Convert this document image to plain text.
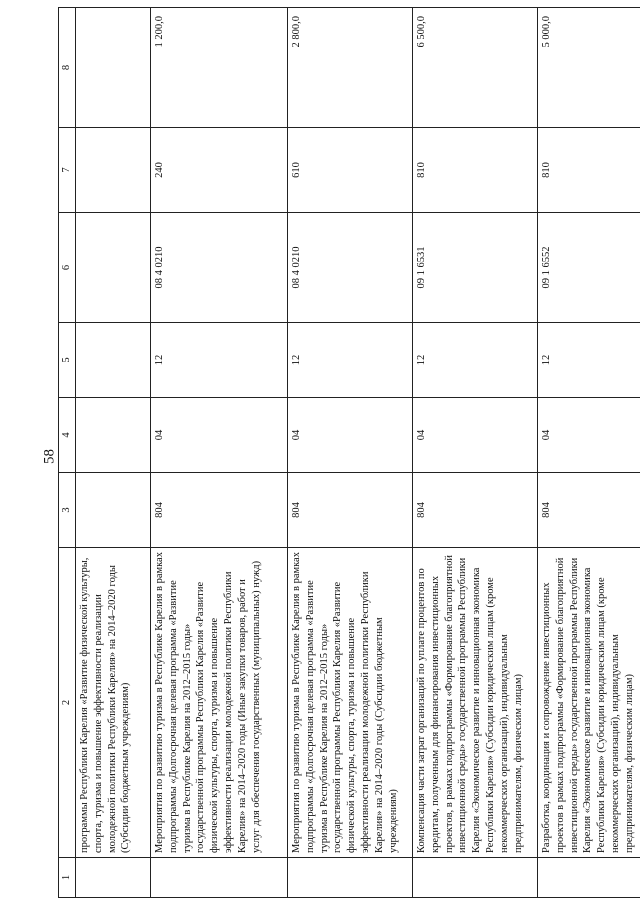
58
1	2	3	4	5	6	7	8
	программы Республики Карелия «Развитие физической культуры, спорта, туризма и повышение эффективности реализации молодежной политики Республики Карелия» на 2014–2020 годы (Субсидии бюджетным учреждениям)						
	Мероприятия по развитию туризма в Республике Карелия в рамках подпрограммы «Долгосрочная целевая программа «Развитие туризма в Республике Карелия на 2012–2015 годы» государственной программы Республики Карелия «Развитие физической культуры, спорта, туризма и повышение эффективности реализации молодежной политики Республики Карелия» на 2014–2020 годы (Иные закупки товаров, работ и услуг для обеспечения государственных (муниципальных) нужд)	804	04	12	08 4 0210	240	1 200,0
	Мероприятия по развитию туризма в Республике Карелия в рамках подпрограммы «Долгосрочная целевая программа «Развитие туризма в Республике Карелия на 2012–2015 годы» государственной программы Республики Карелия «Развитие физической культуры, спорта, туризма и повышение эффективности реализации молодежной политики Республики Карелия» на 2014–2020 годы (Субсидии бюджетным учреждениям)	804	04	12	08 4 0210	610	2 800,0
	Компенсация части затрат организаций по уплате процентов по кредитам, полученным для финансирования инвестиционных проектов, в рамках подпрограммы «Формирование благоприятной инвестиционной среды» государственной программы Республики Карелия «Экономическое развитие и инновационная экономика Республики Карелия» (Субсидии юридическим лицам (кроме некоммерческих организаций), индивидуальным предпринимателям, физическим лицам)	804	04	12	09 1 6531	810	6 500,0
	Разработка, координация и сопровождение инвестиционных проектов в рамках подпрограммы «Формирование благоприятной инвестиционной среды» государственной программы Республики Карелия «Экономическое развитие и инновационная экономика Республики Карелия» (Субсидии юридическим лицам (кроме некоммерческих организаций), индивидуальным предпринимателям, физическим лицам)	804	04	12	09 1 6552	810	5 000,0
